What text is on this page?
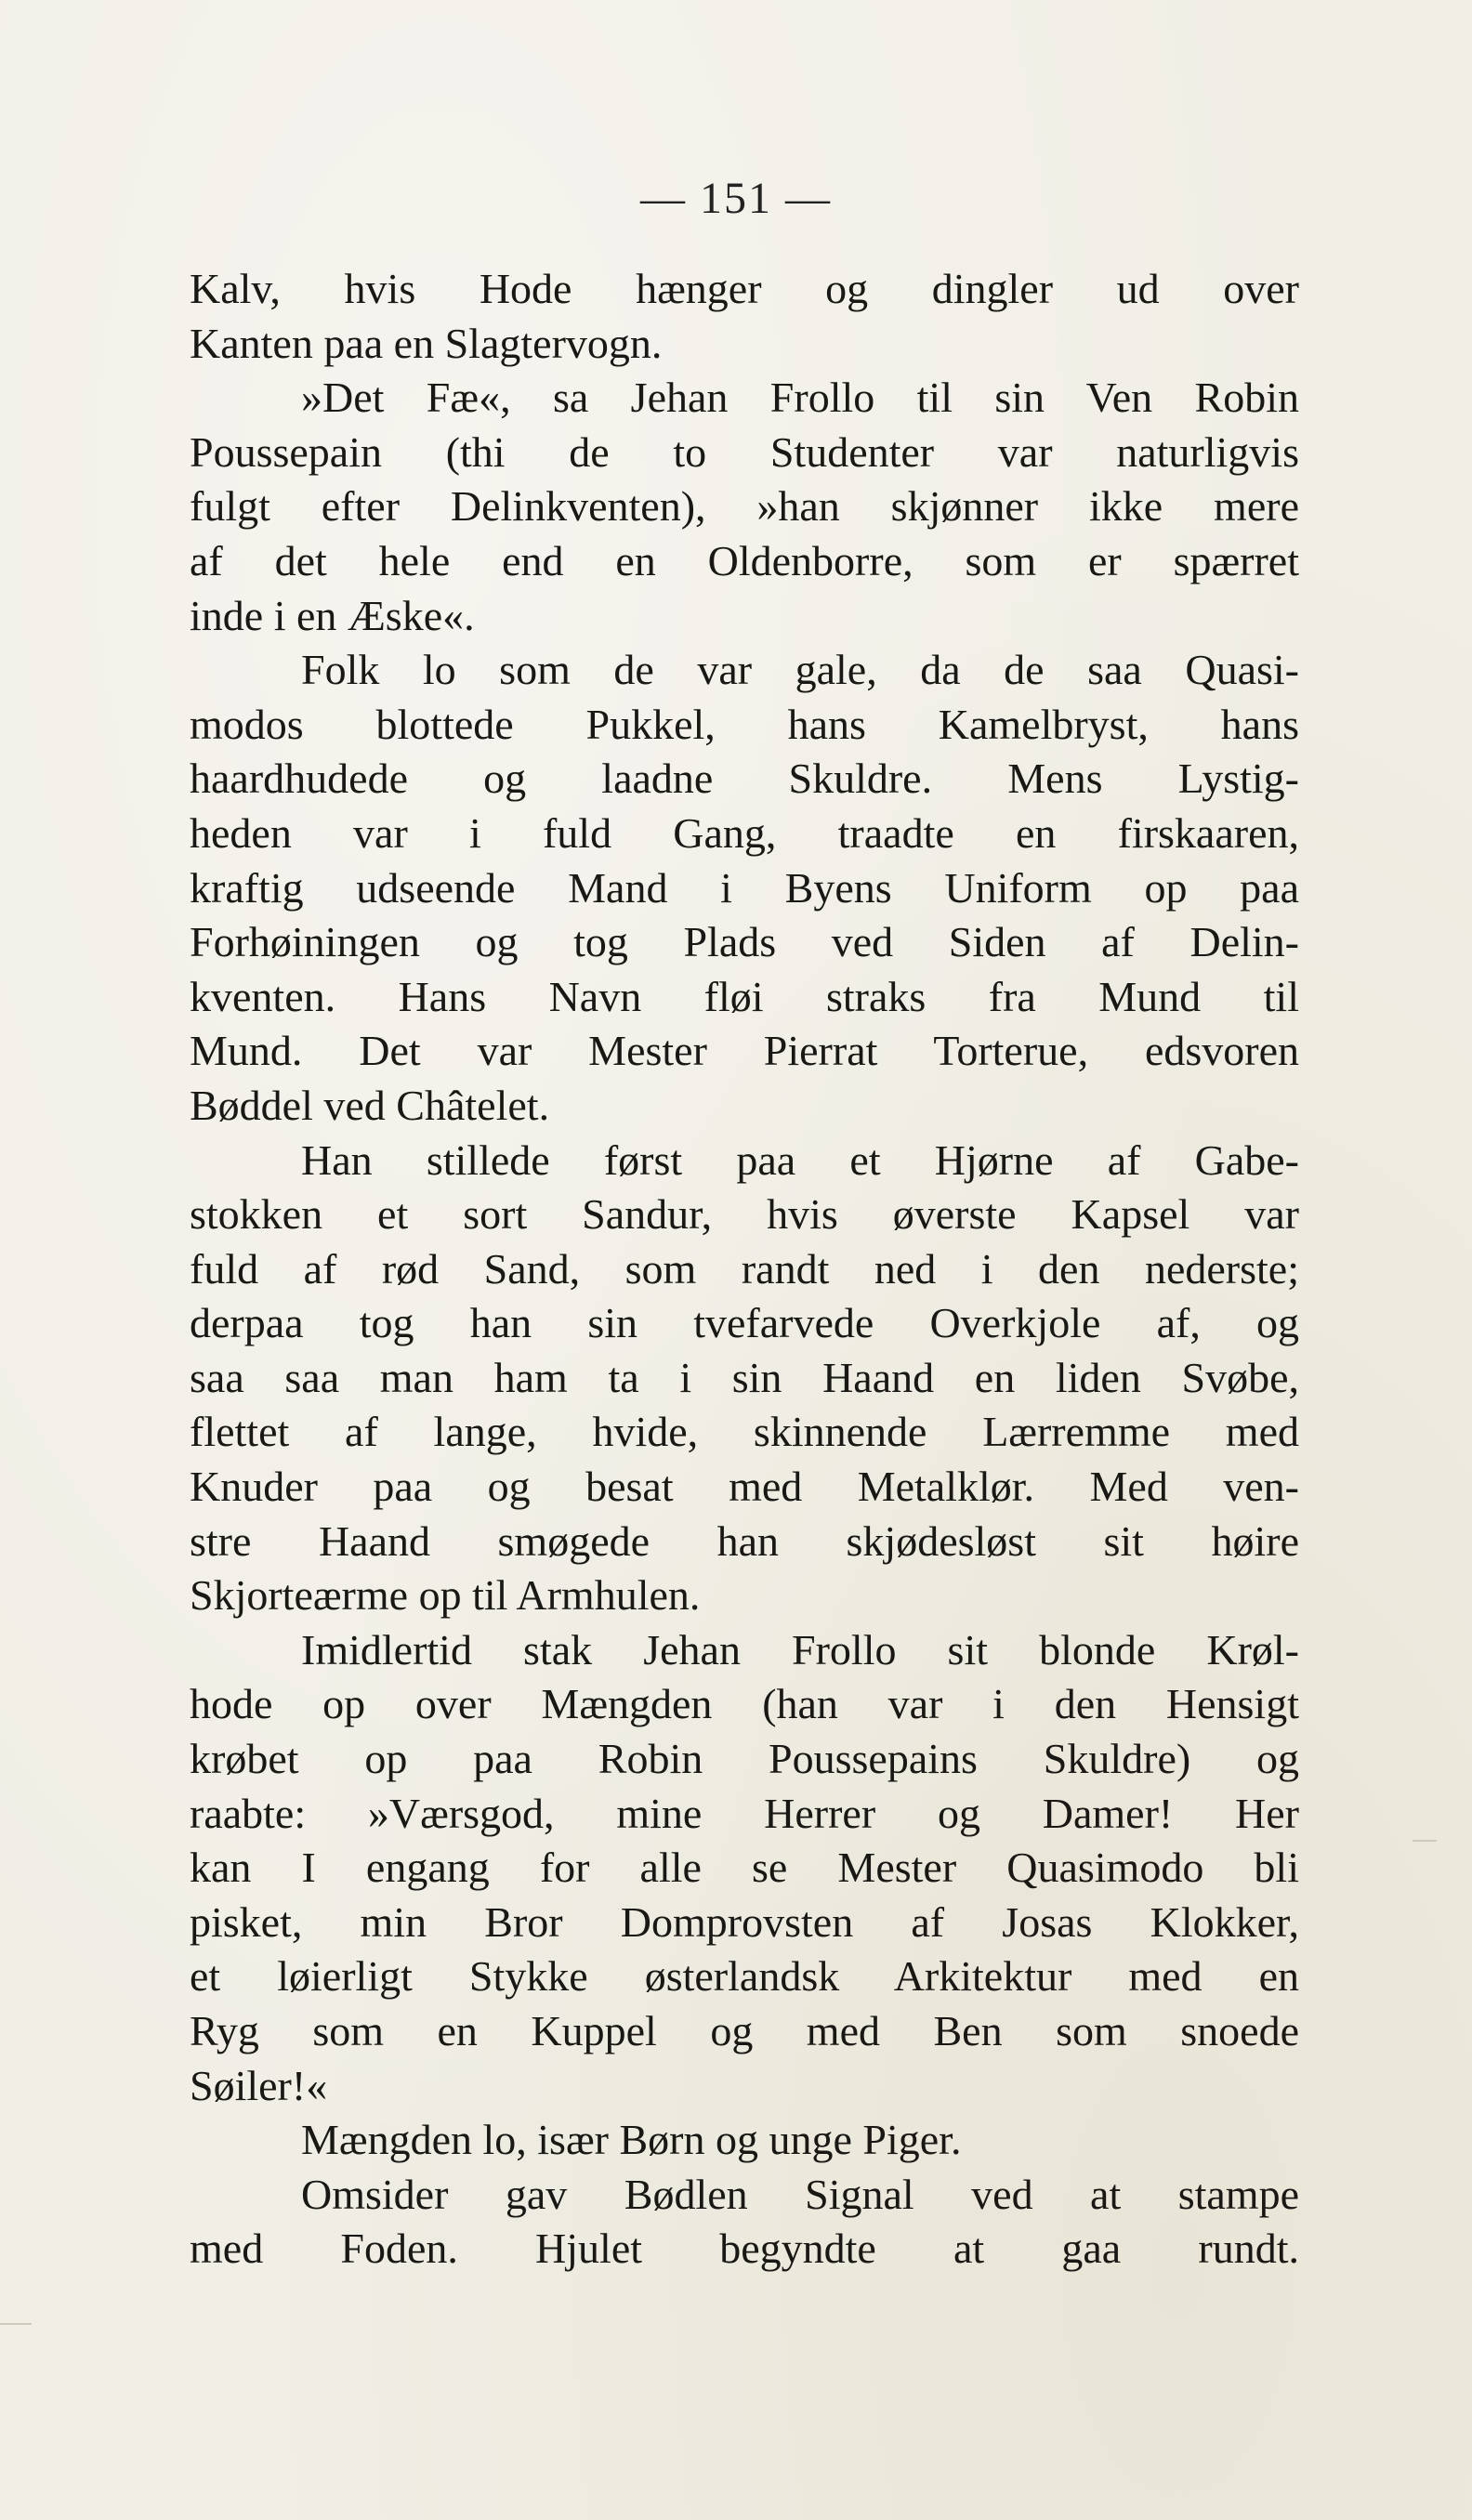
— 151 —
Kalv, hvis Hode hænger og dingler ud over
Kanten paa en Slagtervogn.
»Det Fæ«, sa Jehan Frollo til sin Ven Robin
Poussepain (thi de to Studenter var naturligvis
fulgt efter Delinkventen), »han skjønner ikke mere
af det hele end en Oldenborre, som er spærret
inde i en Æske«.
Folk lo som de var gale, da de saa Quasi-
modos blottede Pukkel, hans Kamelbryst, hans
haardhudede og laadne Skuldre. Mens Lystig-
heden var i fuld Gang, traadte en firskaaren,
kraftig udseende Mand i Byens Uniform op paa
Forhøiningen og tog Plads ved Siden af Delin-
kventen. Hans Navn fløi straks fra Mund til
Mund. Det var Mester Pierrat Torterue, edsvoren
Bøddel ved Châtelet.
Han stillede først paa et Hjørne af Gabe-
stokken et sort Sandur, hvis øverste Kapsel var
fuld af rød Sand, som randt ned i den nederste;
derpaa tog han sin tvefarvede Overkjole af, og
saa saa man ham ta i sin Haand en liden Svøbe,
flettet af lange, hvide, skinnende Lærremme med
Knuder paa og besat med Metalklør. Med ven-
stre Haand smøgede han skjødesløst sit høire
Skjorteærme op til Armhulen.
Imidlertid stak Jehan Frollo sit blonde Krøl-
hode op over Mængden (han var i den Hensigt
krøbet op paa Robin Poussepains Skuldre) og
raabte: »Værsgod, mine Herrer og Damer! Her
kan I engang for alle se Mester Quasimodo bli
pisket, min Bror Domprovsten af Josas Klokker,
et løierligt Stykke østerlandsk Arkitektur med en
Ryg som en Kuppel og med Ben som snoede
Søiler!«
Mængden lo, især Børn og unge Piger.
Omsider gav Bødlen Signal ved at stampe
med Foden. Hjulet begyndte at gaa rundt.
